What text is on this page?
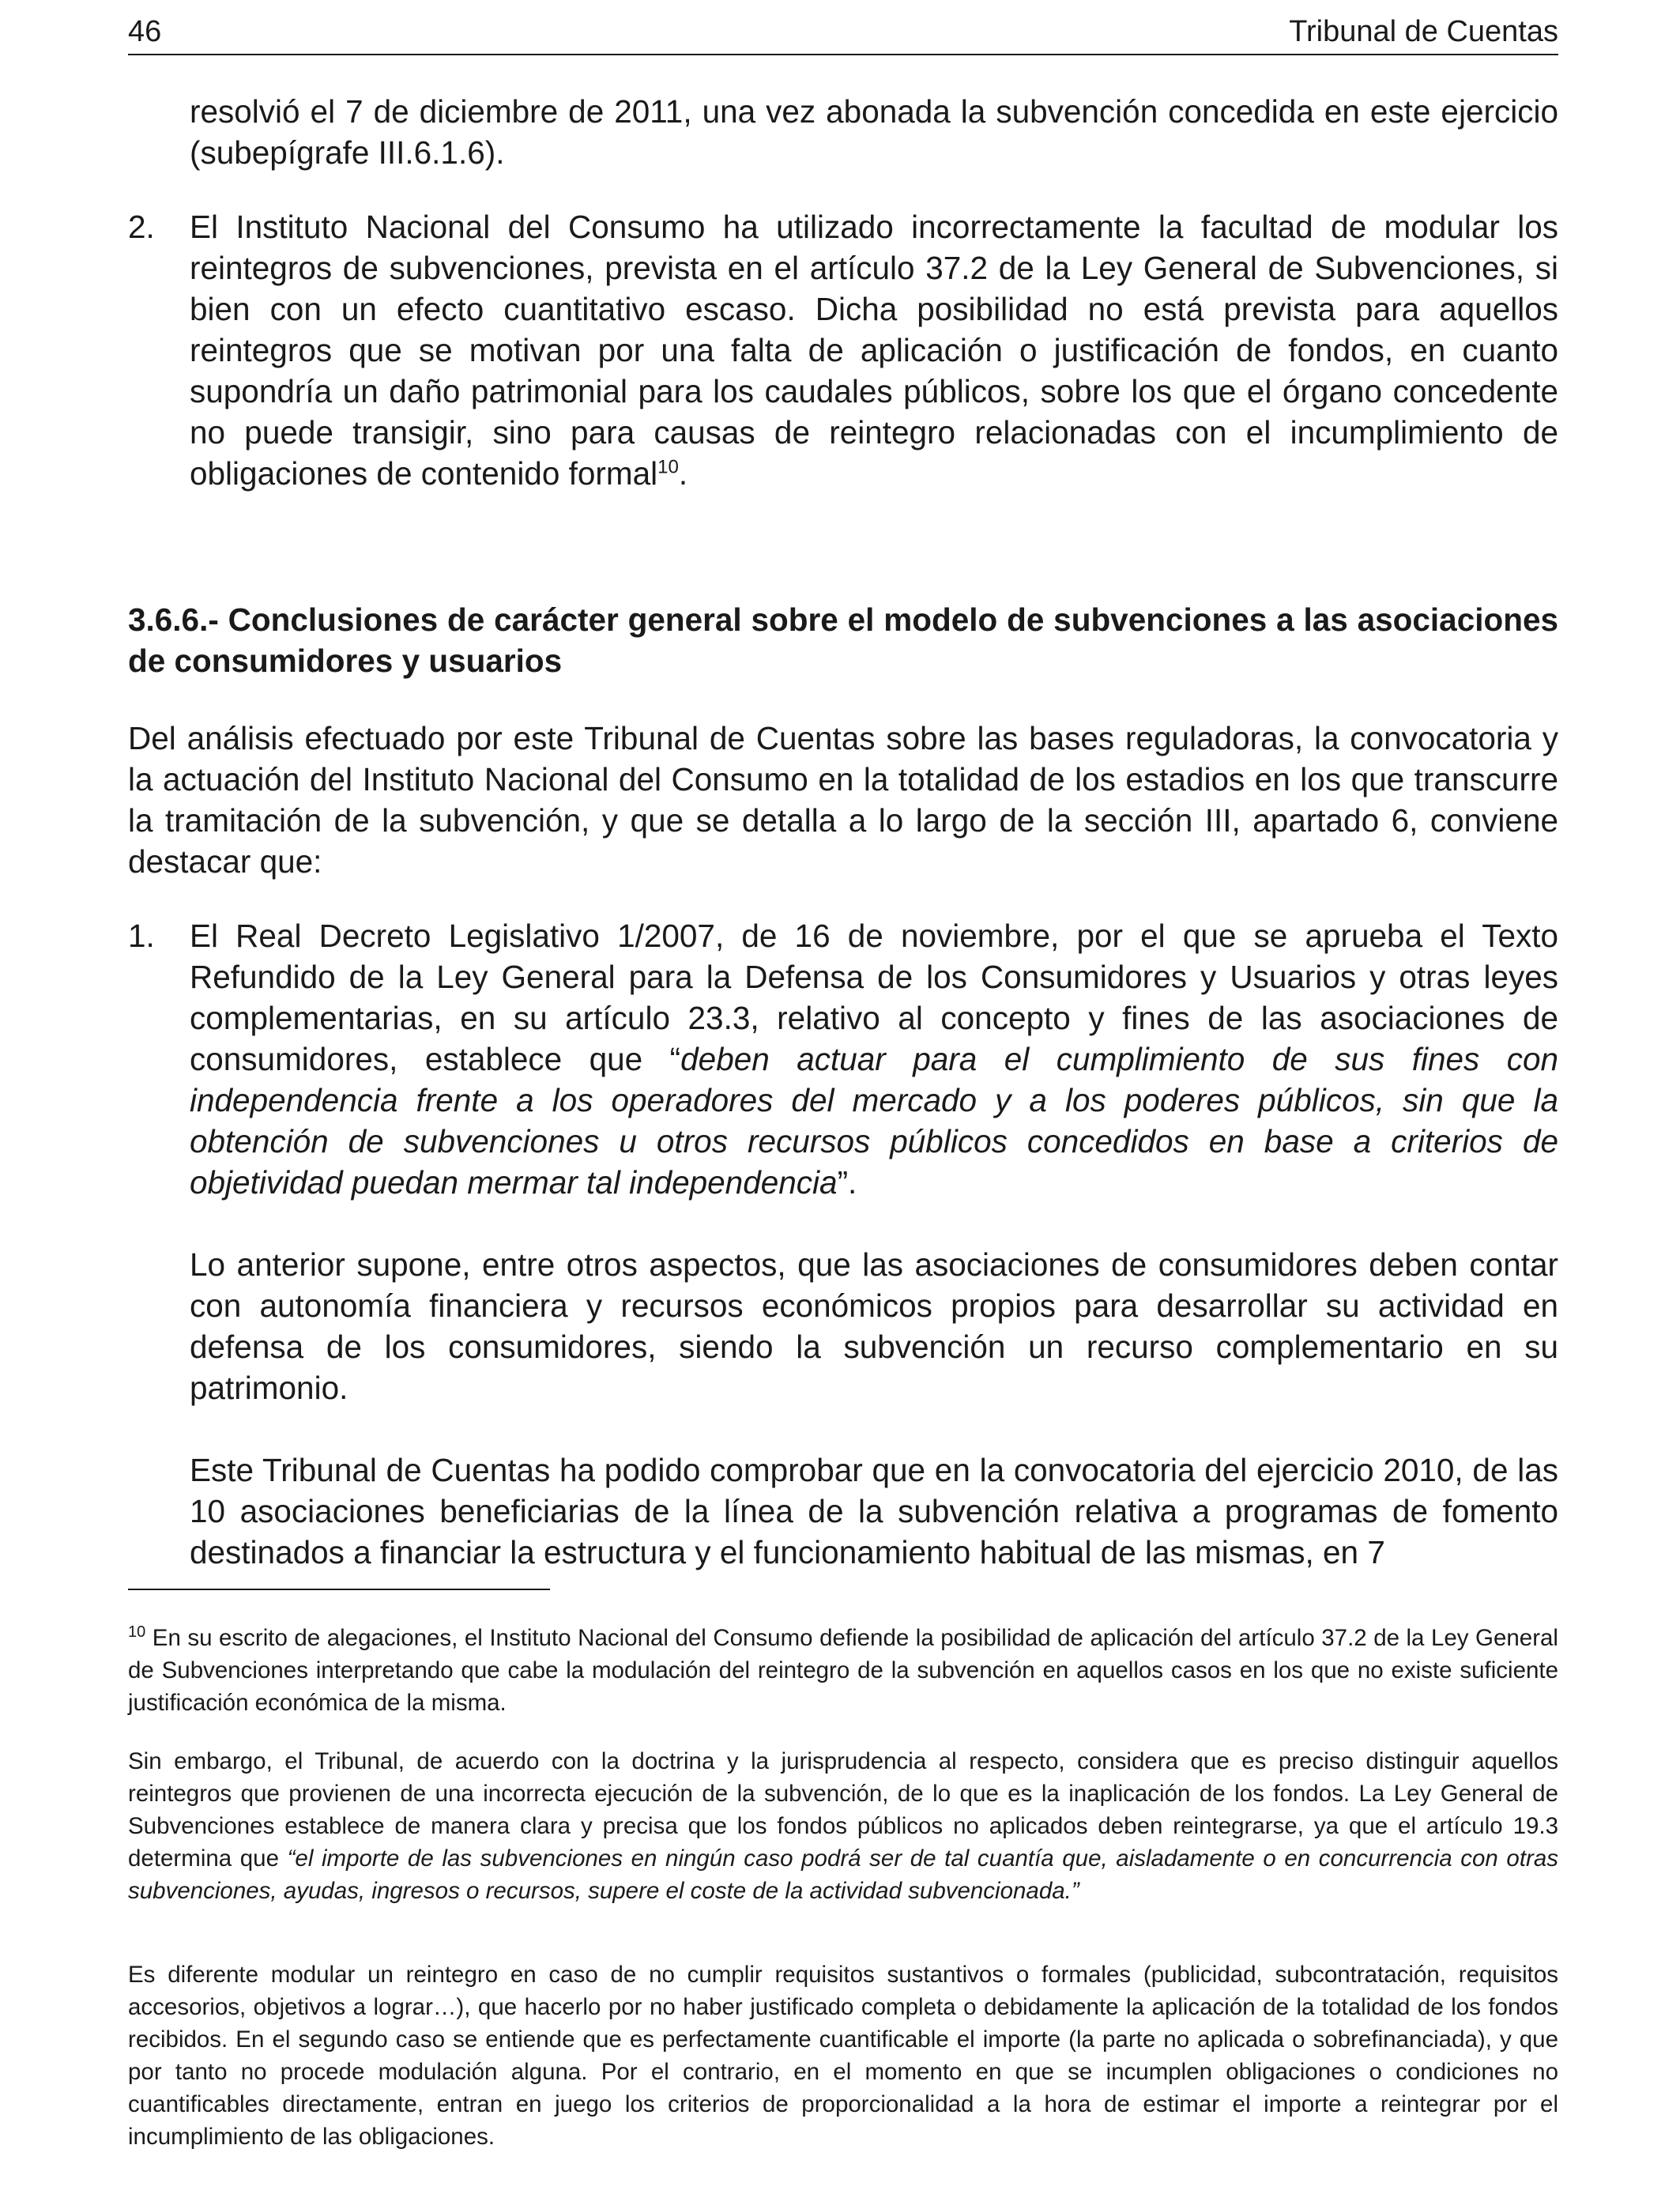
46	Tribunal de Cuentas

resolvió el 7 de diciembre de 2011, una vez abonada la subvención concedida en este ejercicio (subepígrafe III.6.1.6).

2. El Instituto Nacional del Consumo ha utilizado incorrectamente la facultad de modular los reintegros de subvenciones, prevista en el artículo 37.2 de la Ley General de Subvenciones, si bien con un efecto cuantitativo escaso. Dicha posibilidad no está prevista para aquellos reintegros que se motivan por una falta de aplicación o justificación de fondos, en cuanto supondría un daño patrimonial para los caudales públicos, sobre los que el órgano concedente no puede transigir, sino para causas de reintegro relacionadas con el incumplimiento de obligaciones de contenido formal$^{10}$.

3.6.6.- Conclusiones de carácter general sobre el modelo de subvenciones a las asociaciones de consumidores y usuarios

Del análisis efectuado por este Tribunal de Cuentas sobre las bases reguladoras, la convocatoria y la actuación del Instituto Nacional del Consumo en la totalidad de los estadios en los que transcurre la tramitación de la subvención, y que se detalla a lo largo de la sección III, apartado 6, conviene destacar que:

1. El Real Decreto Legislativo 1/2007, de 16 de noviembre, por el que se aprueba el Texto Refundido de la Ley General para la Defensa de los Consumidores y Usuarios y otras leyes complementarias, en su artículo 23.3, relativo al concepto y fines de las asociaciones de consumidores, establece que “deben actuar para el cumplimiento de sus fines con independencia frente a los operadores del mercado y a los poderes públicos, sin que la obtención de subvenciones u otros recursos públicos concedidos en base a criterios de objetividad puedan mermar tal independencia”.

Lo anterior supone, entre otros aspectos, que las asociaciones de consumidores deben contar con autonomía financiera y recursos económicos propios para desarrollar su actividad en defensa de los consumidores, siendo la subvención un recurso complementario en su patrimonio.

Este Tribunal de Cuentas ha podido comprobar que en la convocatoria del ejercicio 2010, de las 10 asociaciones beneficiarias de la línea de la subvención relativa a programas de fomento destinados a financiar la estructura y el funcionamiento habitual de las mismas, en 7

$^{10}$ En su escrito de alegaciones, el Instituto Nacional del Consumo defiende la posibilidad de aplicación del artículo 37.2 de la Ley General de Subvenciones interpretando que cabe la modulación del reintegro de la subvención en aquellos casos en los que no existe suficiente justificación económica de la misma.

Sin embargo, el Tribunal, de acuerdo con la doctrina y la jurisprudencia al respecto, considera que es preciso distinguir aquellos reintegros que provienen de una incorrecta ejecución de la subvención, de lo que es la inaplicación de los fondos. La Ley General de Subvenciones establece de manera clara y precisa que los fondos públicos no aplicados deben reintegrarse, ya que el artículo 19.3 determina que “el importe de las subvenciones en ningún caso podrá ser de tal cuantía que, aisladamente o en concurrencia con otras subvenciones, ayudas, ingresos o recursos, supere el coste de la actividad subvencionada.”

Es diferente modular un reintegro en caso de no cumplir requisitos sustantivos o formales (publicidad, subcontratación, requisitos accesorios, objetivos a lograr…), que hacerlo por no haber justificado completa o debidamente la aplicación de la totalidad de los fondos recibidos. En el segundo caso se entiende que es perfectamente cuantificable el importe (la parte no aplicada o sobrefinanciada), y que por tanto no procede modulación alguna. Por el contrario, en el momento en que se incumplen obligaciones o condiciones no cuantificables directamente, entran en juego los criterios de proporcionalidad a la hora de estimar el importe a reintegrar por el incumplimiento de las obligaciones.
